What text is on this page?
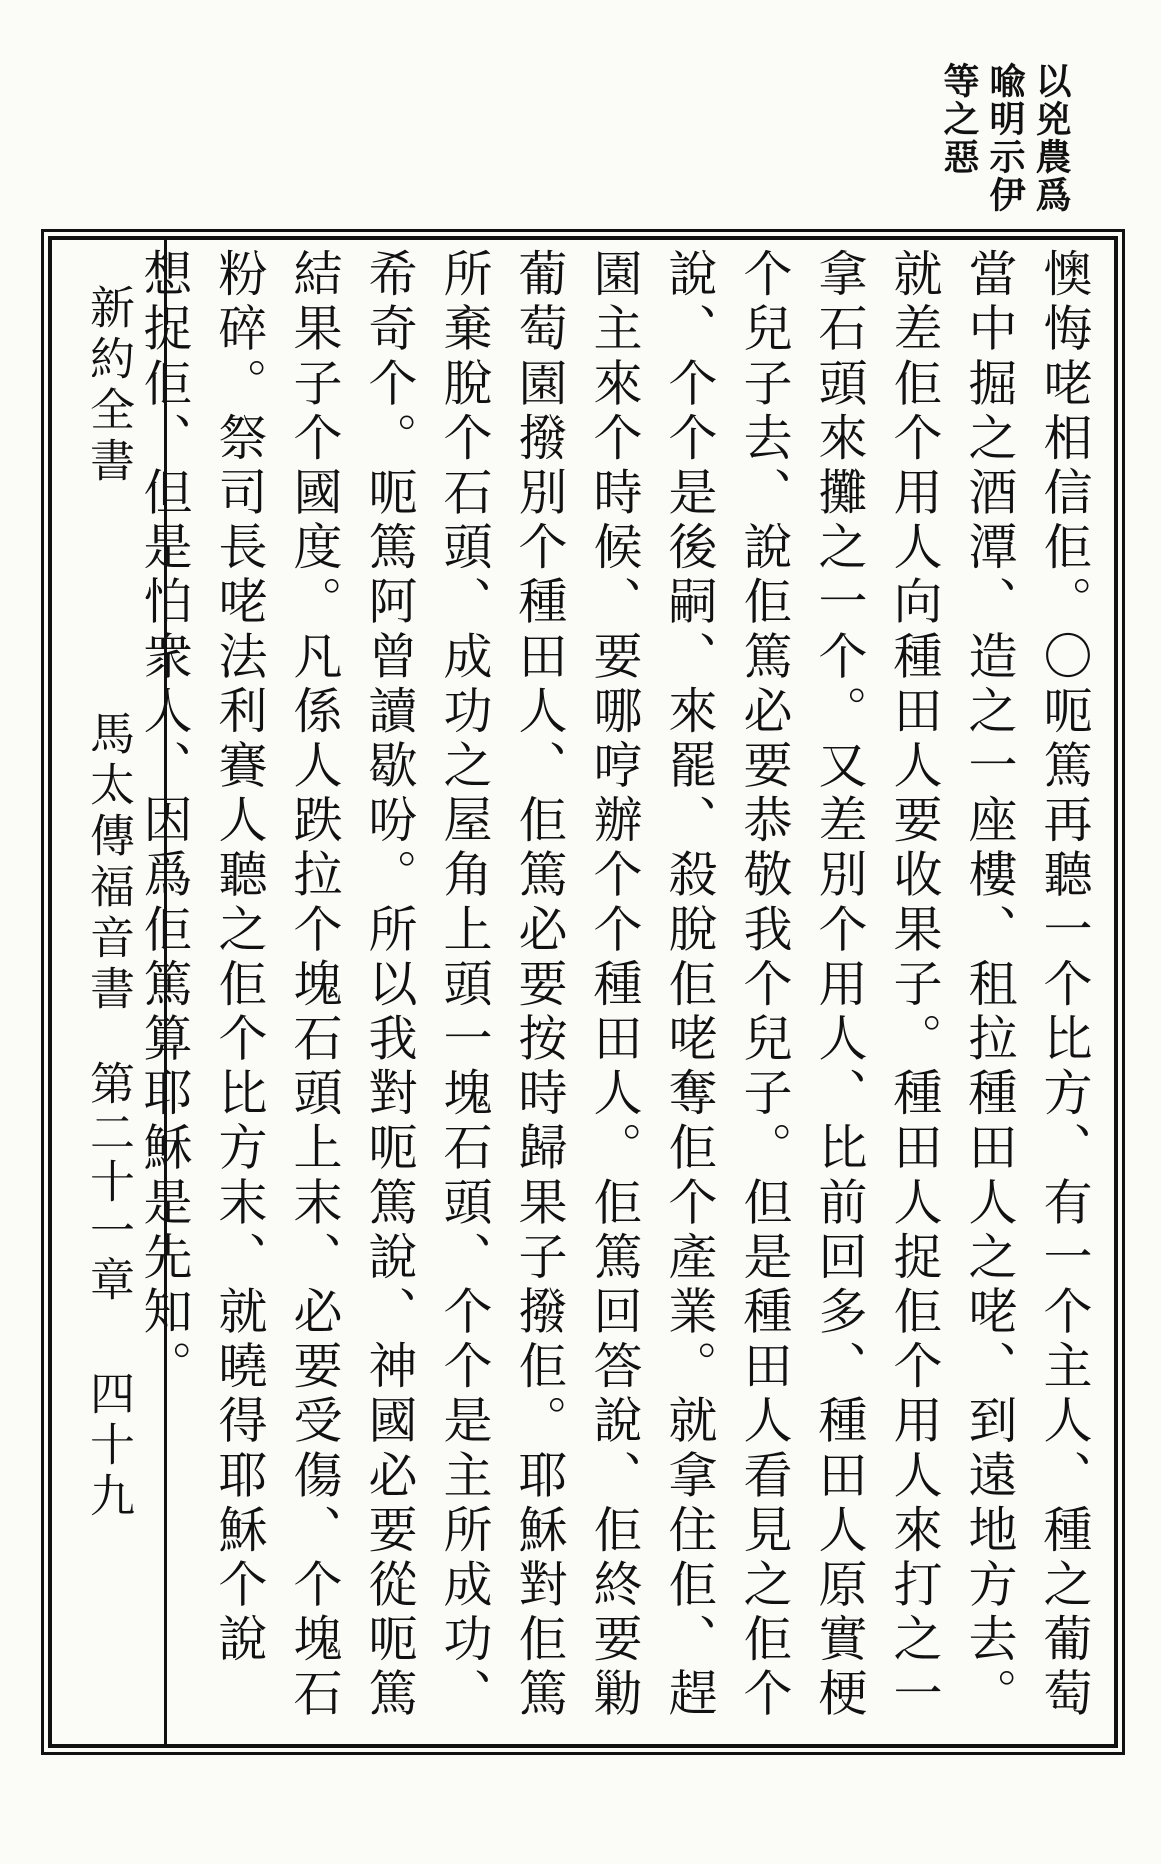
以兇農爲
喩明示伊
等之惡
懊悔咾相信佢。〇呃篤再聽一个比方、有一个主人、種之葡萄
當中掘之酒潭、造之一座樓、租拉種田人之咾、到遠地方去。
就差佢个用人向種田人要收果子。種田人捉佢个用人來打之一
拿石頭來攤之一个。又差別个用人、比前回多、種田人原實梗
个兒子去、說佢篤必要恭敬我个兒子。但是種田人看見之佢个
說、个个是後嗣、來罷、殺脫佢咾奪佢个產業。就拿住佢、趕
園主來个時候、要哪哼辦个个種田人。佢篤回答說、佢終要勦
葡萄園撥別个種田人、佢篤必要按時歸果子撥佢。耶穌對佢篤
所棄脫个石頭、成功之屋角上頭一塊石頭、个个是主所成功、
希奇个。呃篤阿曾讀歇吩。所以我對呃篤說、神國必要從呃篤
結果子个國度。凡係人跌拉个塊石頭上末、必要受傷、个塊石
粉碎。祭司長咾法利賽人聽之佢个比方末、就曉得耶穌个說
想捉佢、但是怕衆人、因爲佢篤算耶穌是先知。
新約全書
馬太傳福音書
第二十一章
四十九
